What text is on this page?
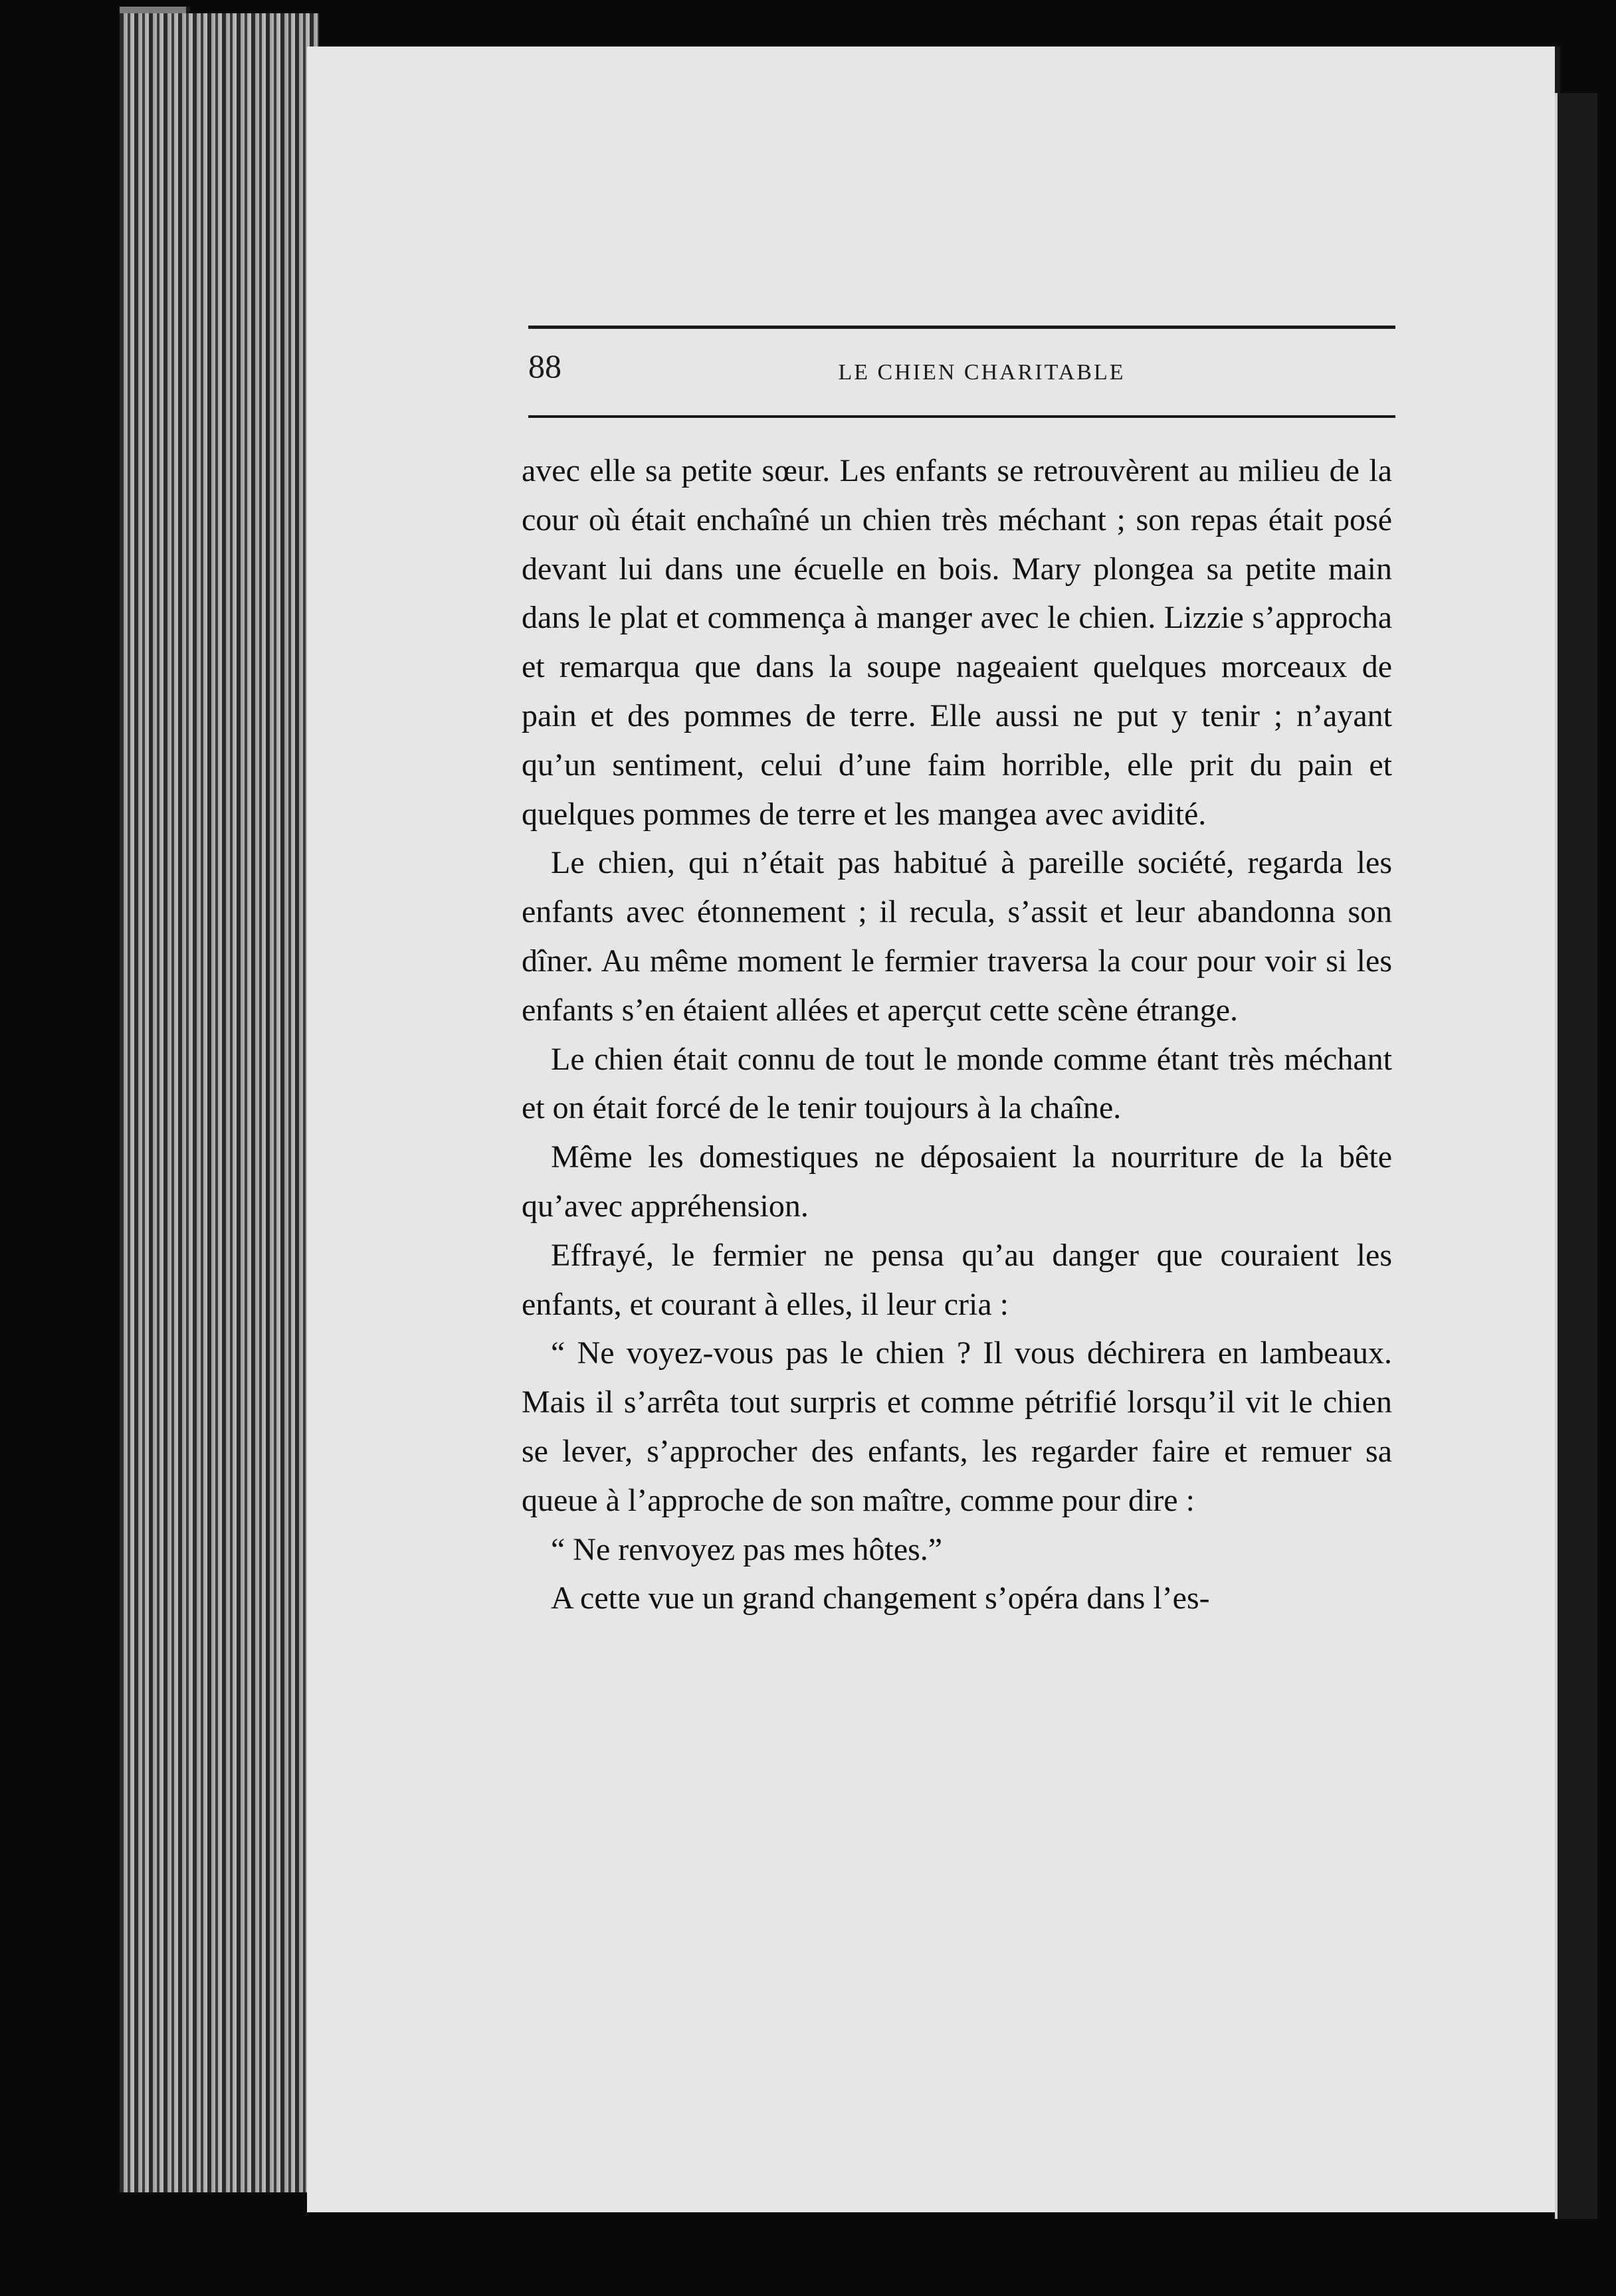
88	LE CHIEN CHARITABLE

avec elle sa petite sœur. Les enfants se retrouvèrent au milieu de la cour où était enchaîné un chien très méchant ; son repas était posé devant lui dans une écuelle en bois. Mary plongea sa petite main dans le plat et commença à manger avec le chien. Lizzie s’approcha et remarqua que dans la soupe nageaient quelques morceaux de pain et des pommes de terre. Elle aussi ne put y tenir ; n’ayant qu’un sentiment, celui d’une faim horrible, elle prit du pain et quelques pommes de terre et les mangea avec avidité.

Le chien, qui n’était pas habitué à pareille société, regarda les enfants avec étonnement ; il recula, s’assit et leur abandonna son dîner. Au même moment le fermier traversa la cour pour voir si les enfants s’en étaient allées et aperçut cette scène étrange.

Le chien était connu de tout le monde comme étant très méchant et on était forcé de le tenir toujours à la chaîne.

Même les domestiques ne déposaient la nourriture de la bête qu’avec appréhension.

Effrayé, le fermier ne pensa qu’au danger que couraient les enfants, et courant à elles, il leur cria :

“ Ne voyez-vous pas le chien ? Il vous déchirera en lambeaux. Mais il s’arrêta tout surpris et comme pétrifié lorsqu’il vit le chien se lever, s’approcher des enfants, les regarder faire et remuer sa queue à l’approche de son maître, comme pour dire :

“ Ne renvoyez pas mes hôtes.”

A cette vue un grand changement s’opéra dans l’es-
